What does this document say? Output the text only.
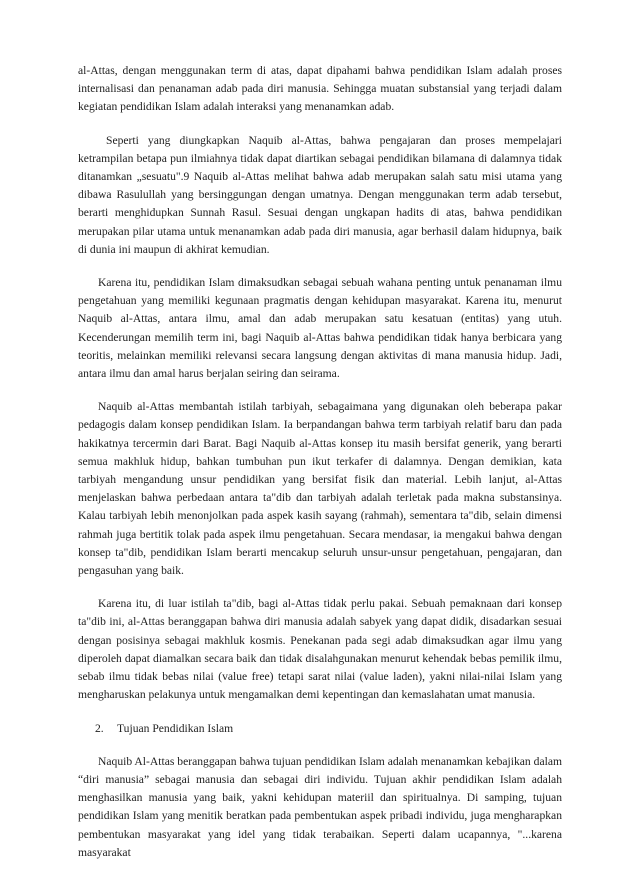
al-Attas, dengan menggunakan term di atas, dapat dipahami bahwa pendidikan Islam adalah proses internalisasi dan penanaman adab pada diri manusia. Sehingga muatan substansial yang terjadi dalam kegiatan pendidikan Islam adalah interaksi yang menanamkan adab.

Seperti yang diungkapkan Naquib al-Attas, bahwa pengajaran dan proses mempelajari ketrampilan betapa pun ilmiahnya tidak dapat diartikan sebagai pendidikan bilamana di dalamnya tidak ditanamkan „sesuatu".9 Naquib al-Attas melihat bahwa adab merupakan salah satu misi utama yang dibawa Rasulullah yang bersinggungan dengan umatnya. Dengan menggunakan term adab tersebut, berarti menghidupkan Sunnah Rasul. Sesuai dengan ungkapan hadits di atas, bahwa pendidikan merupakan pilar utama untuk menanamkan adab pada diri manusia, agar berhasil dalam hidupnya, baik di dunia ini maupun di akhirat kemudian.

Karena itu, pendidikan Islam dimaksudkan sebagai sebuah wahana penting untuk penanaman ilmu pengetahuan yang memiliki kegunaan pragmatis dengan kehidupan masyarakat. Karena itu, menurut Naquib al-Attas, antara ilmu, amal dan adab merupakan satu kesatuan (entitas) yang utuh. Kecenderungan memilih term ini, bagi Naquib al-Attas bahwa pendidikan tidak hanya berbicara yang teoritis, melainkan memiliki relevansi secara langsung dengan aktivitas di mana manusia hidup. Jadi, antara ilmu dan amal harus berjalan seiring dan seirama.

Naquib al-Attas membantah istilah tarbiyah, sebagaimana yang digunakan oleh beberapa pakar pedagogis dalam konsep pendidikan Islam. Ia berpandangan bahwa term tarbiyah relatif baru dan pada hakikatnya tercermin dari Barat. Bagi Naquib al-Attas konsep itu masih bersifat generik, yang berarti semua makhluk hidup, bahkan tumbuhan pun ikut terkafer di dalamnya. Dengan demikian, kata tarbiyah mengandung unsur pendidikan yang bersifat fisik dan material. Lebih lanjut, al-Attas menjelaskan bahwa perbedaan antara ta"dib dan tarbiyah adalah terletak pada makna substansinya. Kalau tarbiyah lebih menonjolkan pada aspek kasih sayang (rahmah), sementara ta"dib, selain dimensi rahmah juga bertitik tolak pada aspek ilmu pengetahuan. Secara mendasar, ia mengakui bahwa dengan konsep ta"dib, pendidikan Islam berarti mencakup seluruh unsur-unsur pengetahuan, pengajaran, dan pengasuhan yang baik.

Karena itu, di luar istilah ta"dib, bagi al-Attas tidak perlu pakai. Sebuah pemaknaan dari konsep ta"dib ini, al-Attas beranggapan bahwa diri manusia adalah sabyek yang dapat didik, disadarkan sesuai dengan posisinya sebagai makhluk kosmis. Penekanan pada segi adab dimaksudkan agar ilmu yang diperoleh dapat diamalkan secara baik dan tidak disalahgunakan menurut kehendak bebas pemilik ilmu, sebab ilmu tidak bebas nilai (value free) tetapi sarat nilai (value laden), yakni nilai-nilai Islam yang mengharuskan pelakunya untuk mengamalkan demi kepentingan dan kemaslahatan umat manusia.

2. Tujuan Pendidikan Islam

Naquib Al-Attas beranggapan bahwa tujuan pendidikan Islam adalah menanamkan kebajikan dalam “diri manusia” sebagai manusia dan sebagai diri individu. Tujuan akhir pendidikan Islam adalah menghasilkan manusia yang baik, yakni kehidupan materiil dan spiritualnya. Di samping, tujuan pendidikan Islam yang menitik beratkan pada pembentukan aspek pribadi individu, juga mengharapkan pembentukan masyarakat yang idel yang tidak terabaikan. Seperti dalam ucapannya, "...karena masyarakat
